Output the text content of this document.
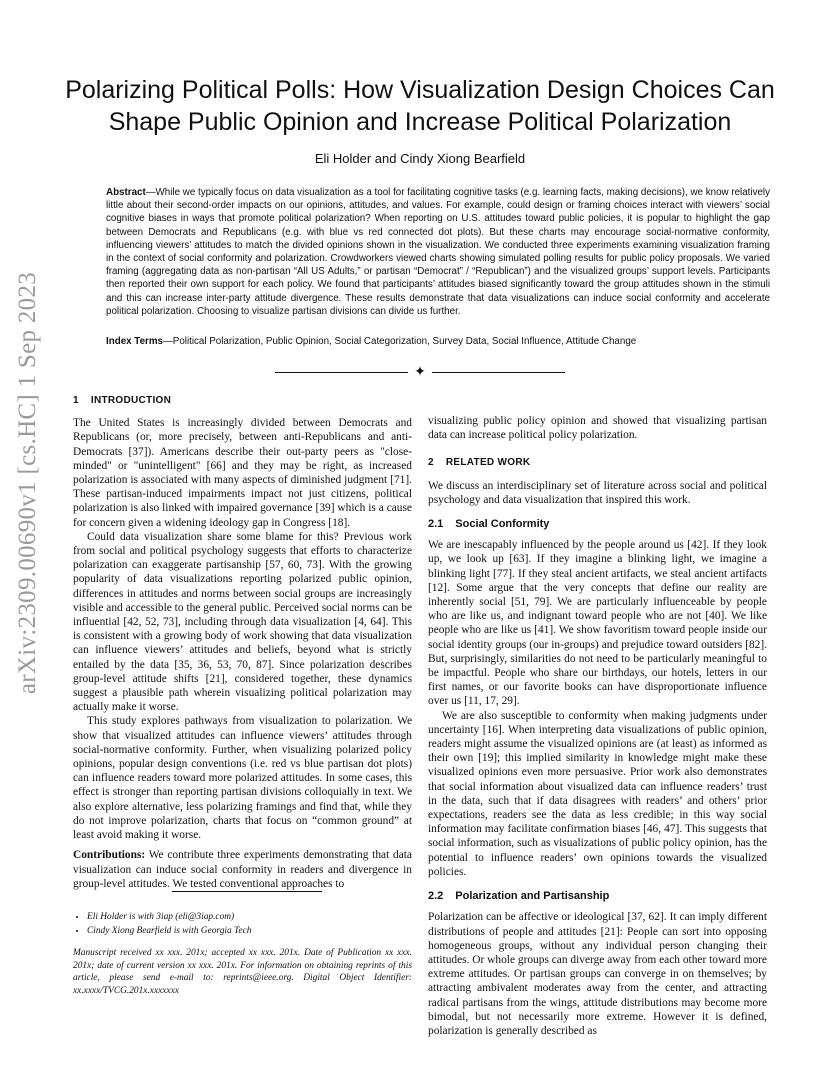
arXiv:2309.00690v1 [cs.HC] 1 Sep 2023
Polarizing Political Polls: How Visualization Design Choices Can
Shape Public Opinion and Increase Political Polarization
Eli Holder and Cindy Xiong Bearfield
Abstract—While we typically focus on data visualization as a tool for facilitating cognitive tasks (e.g. learning facts, making decisions), we know relatively little about their second-order impacts on our opinions, attitudes, and values. For example, could design or framing choices interact with viewers’ social cognitive biases in ways that promote political polarization? When reporting on U.S. attitudes toward public policies, it is popular to highlight the gap between Democrats and Republicans (e.g. with blue vs red connected dot plots). But these charts may encourage social-normative conformity, influencing viewers’ attitudes to match the divided opinions shown in the visualization. We conducted three experiments examining visualization framing in the context of social conformity and polarization. Crowdworkers viewed charts showing simulated polling results for public policy proposals. We varied framing (aggregating data as non-partisan “All US Adults,” or partisan “Democrat” / “Republican”) and the visualized groups’ support levels. Participants then reported their own support for each policy. We found that participants’ attitudes biased significantly toward the group attitudes shown in the stimuli and this can increase inter-party attitude divergence. These results demonstrate that data visualizations can induce social conformity and accelerate political polarization. Choosing to visualize partisan divisions can divide us further.
Index Terms—Political Polarization, Public Opinion, Social Categorization, Survey Data, Social Influence, Attitude Change
✦
1 INTRODUCTION

The United States is increasingly divided between Democrats and Republicans (or, more precisely, between anti-Republicans and anti-Democrats [37]). Americans describe their out-party peers as "close-minded" or "unintelligent" [66] and they may be right, as increased polarization is associated with many aspects of diminished judgment [71]. These partisan-induced impairments impact not just citizens, political polarization is also linked with impaired governance [39] which is a cause for concern given a widening ideology gap in Congress [18].

Could data visualization share some blame for this? Previous work from social and political psychology suggests that efforts to characterize polarization can exaggerate partisanship [57, 60, 73]. With the growing popularity of data visualizations reporting polarized public opinion, differences in attitudes and norms between social groups are increasingly visible and accessible to the general public. Perceived social norms can be influential [42, 52, 73], including through data visualization [4, 64]. This is consistent with a growing body of work showing that data visualization can influence viewers’ attitudes and beliefs, beyond what is strictly entailed by the data [35, 36, 53, 70, 87]. Since polarization describes group-level attitude shifts [21], considered together, these dynamics suggest a plausible path wherein visualizing political polarization may actually make it worse.

This study explores pathways from visualization to polarization. We show that visualized attitudes can influence viewers’ attitudes through social-normative conformity. Further, when visualizing polarized policy opinions, popular design conventions (i.e. red vs blue partisan dot plots) can influence readers toward more polarized attitudes. In some cases, this effect is stronger than reporting partisan divisions colloquially in text. We also explore alternative, less polarizing framings and find that, while they do not improve polarization, charts that focus on “common ground” at least avoid making it worse.

Contributions: We contribute three experiments demonstrating that data visualization can induce social conformity in readers and divergence in group-level attitudes. We tested conventional approaches to

visualizing public policy opinion and showed that visualizing partisan data can increase political policy polarization.

2 RELATED WORK

We discuss an interdisciplinary set of literature across social and political psychology and data visualization that inspired this work.

2.1 Social Conformity

We are inescapably influenced by the people around us [42]. If they look up, we look up [63]. If they imagine a blinking light, we imagine a blinking light [77]. If they steal ancient artifacts, we steal ancient artifacts [12]. Some argue that the very concepts that define our reality are inherently social [51, 79]. We are particularly influenceable by people who are like us, and indignant toward people who are not [40]. We like people who are like us [41]. We show favoritism toward people inside our social identity groups (our in-groups) and prejudice toward outsiders [82]. But, surprisingly, similarities do not need to be particularly meaningful to be impactful. People who share our birthdays, our hotels, letters in our first names, or our favorite books can have disproportionate influence over us [11, 17, 29].

We are also susceptible to conformity when making judgments under uncertainty [16]. When interpreting data visualizations of public opinion, readers might assume the visualized opinions are (at least) as informed as their own [19]; this implied similarity in knowledge might make these visualized opinions even more persuasive. Prior work also demonstrates that social information about visualized data can influence readers’ trust in the data, such that if data disagrees with readers’ and others’ prior expectations, readers see the data as less credible; in this way social information may facilitate confirmation biases [46, 47]. This suggests that social information, such as visualizations of public policy opinion, has the potential to influence readers’ own opinions towards the visualized policies.

2.2 Polarization and Partisanship

Polarization can be affective or ideological [37, 62]. It can imply different distributions of people and attitudes [21]: People can sort into opposing homogeneous groups, without any individual person changing their attitudes. Or whole groups can diverge away from each other toward more extreme attitudes. Or partisan groups can converge in on themselves; by attracting ambivalent moderates away from the center, and attracting radical partisans from the wings, attitude distributions may become more bimodal, but not necessarily more extreme. However it is defined, polarization is generally described as

• Eli Holder is with 3iap (eli@3iap.com)
• Cindy Xiong Bearfield is with Georgia Tech
Manuscript received xx xxx. 201x; accepted xx xxx. 201x. Date of Publication xx xxx. 201x; date of current version xx xxx. 201x. For information on obtaining reprints of this article, please send e-mail to: reprints@ieee.org. Digital Object Identifier: xx.xxxx/TVCG.201x.xxxxxxx
